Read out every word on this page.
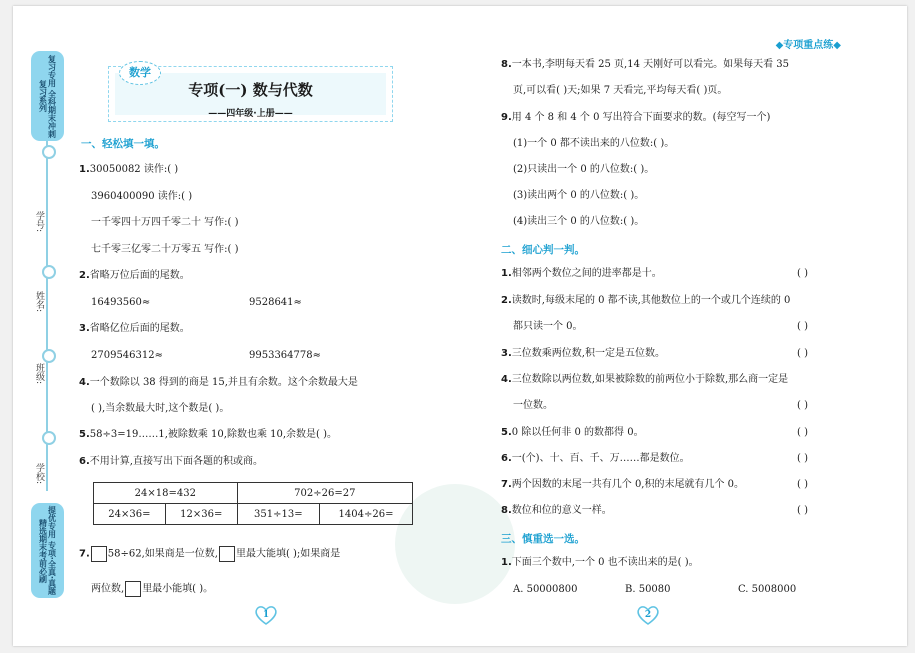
复习专用 全科期末冲刺复习系列
学号:
姓名:
班级:
学校:
提优专用 专项·全真·真题 精选期末考前必刷
数学
专项(一) 数与代数
——四年级·上册——
◆专项重点练◆
一、轻松填一填。
1.30050082 读作:( )
3960400090 读作:( )
一千零四十万四千零二十 写作:( )
七千零三亿零二十万零五 写作:( )
2.省略万位后面的尾数。
16493560≈	9528641≈
3.省略亿位后面的尾数。
2709546312≈	9953364778≈
4.一个数除以 38 得到的商是 15,并且有余数。这个余数最大是
( ),当余数最大时,这个数是( )。
5.58÷3=19……1,被除数乘 10,除数也乘 10,余数是( )。
6.不用计算,直接写出下面各题的积或商。
24×18=432		702÷26=27	
24×36=	12×36=	351÷13=	1404÷26=
7. 58÷62,如果商是一位数, 里最大能填( );如果商是
两位数, 里最小能填( )。
1
8.一本书,李明每天看 25 页,14 天刚好可以看完。如果每天看 35
页,可以看( )天;如果 7 天看完,平均每天看( )页。
9.用 4 个 8 和 4 个 0 写出符合下面要求的数。(每空写一个)
(1)一个 0 都不读出来的八位数:( )。
(2)只读出一个 0 的八位数:( )。
(3)读出两个 0 的八位数:( )。
(4)读出三个 0 的八位数:( )。
二、细心判一判。
1.相邻两个数位之间的进率都是十。	( )
2.读数时,每级末尾的 0 都不读,其他数位上的一个或几个连续的 0
都只读一个 0。	( )
3.三位数乘两位数,积一定是五位数。	( )
4.三位数除以两位数,如果被除数的前两位小于除数,那么商一定是
一位数。	( )
5.0 除以任何非 0 的数都得 0。	( )
6.一(个)、十、百、千、万……都是数位。	( )
7.两个因数的末尾一共有几个 0,积的末尾就有几个 0。	( )
8.数位和位的意义一样。	( )
三、慎重选一选。
1.下面三个数中,一个 0 也不读出来的是( )。
A. 50000800	B. 50080	C. 5008000
2
